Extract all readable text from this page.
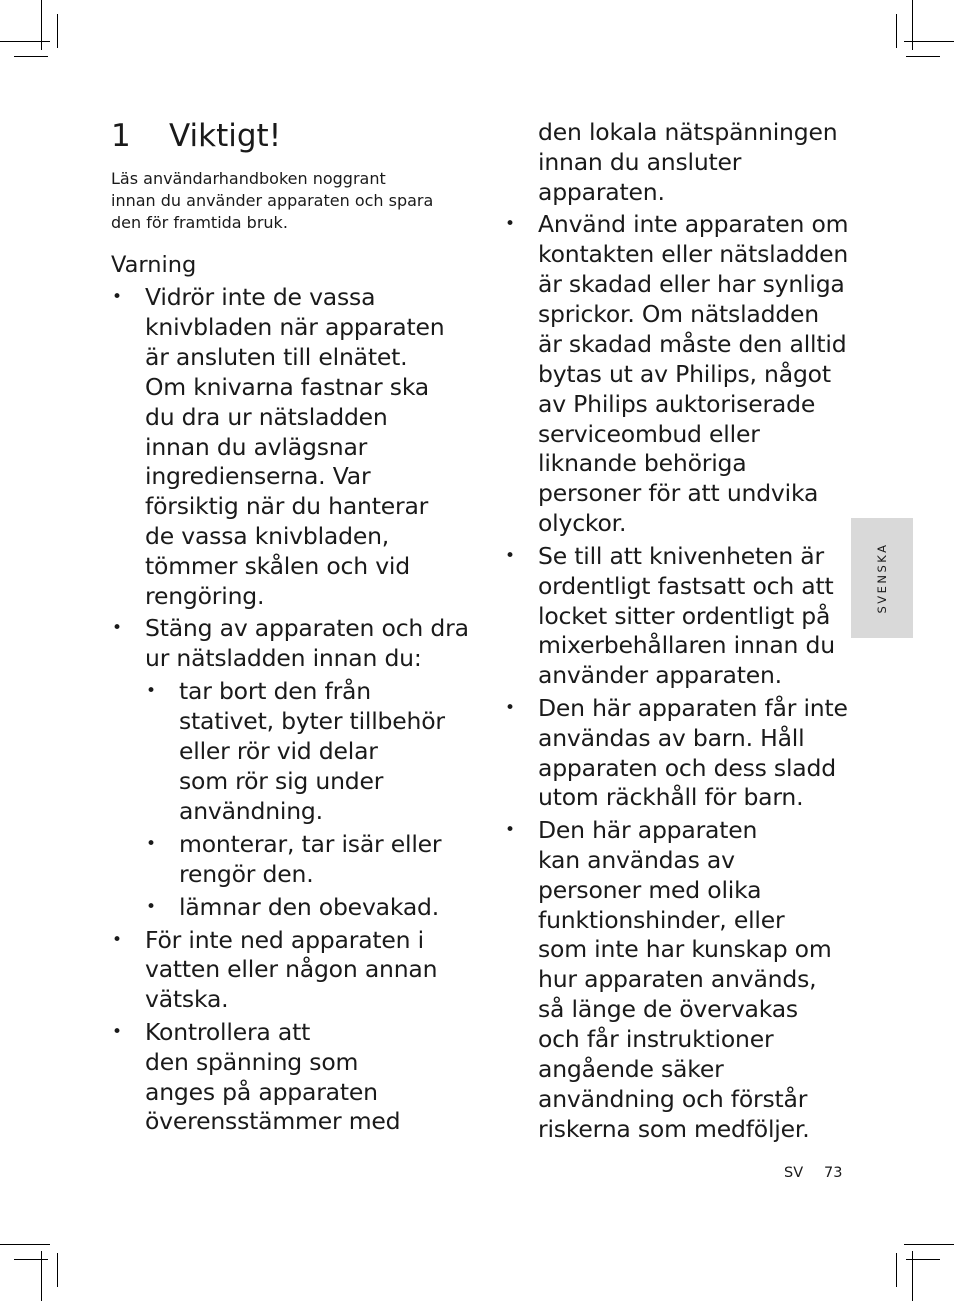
1 Viktigt!
Läs användarhandboken noggrant
innan du använder apparaten och spara
den för framtida bruk.
Varning
• Vidrör inte de vassa
knivbladen när apparaten
är ansluten till elnätet.
Om knivarna fastnar ska
du dra ur nätsladden
innan du avlägsnar
ingredienserna. Var
försiktig när du hanterar
de vassa knivbladen,
tömmer skålen och vid
rengöring.
• Stäng av apparaten och dra
ur nätsladden innan du:
• tar bort den från
stativet, byter tillbehör
eller rör vid delar
som rör sig under
användning.
• monterar, tar isär eller
rengör den.
• lämnar den obevakad.
• För inte ned apparaten i
vatten eller någon annan
vätska.
• Kontrollera att
den spänning som
anges på apparaten
överensstämmer med
den lokala nätspänningen
innan du ansluter
apparaten.
• Använd inte apparaten om
kontakten eller nätsladden
är skadad eller har synliga
sprickor. Om nätsladden
är skadad måste den alltid
bytas ut av Philips, något
av Philips auktoriserade
serviceombud eller
liknande behöriga
personer för att undvika
olyckor.
• Se till att knivenheten är
ordentligt fastsatt och att
locket sitter ordentligt på
mixerbehållaren innan du
använder apparaten.
• Den här apparaten får inte
användas av barn. Håll
apparaten och dess sladd
utom räckhåll för barn.
• Den här apparaten
kan användas av
personer med olika
funktionshinder, eller
som inte har kunskap om
hur apparaten används,
så länge de övervakas
och får instruktioner
angående säker
användning och förstår
riskerna som medföljer.
SVENSKA
SV 73
